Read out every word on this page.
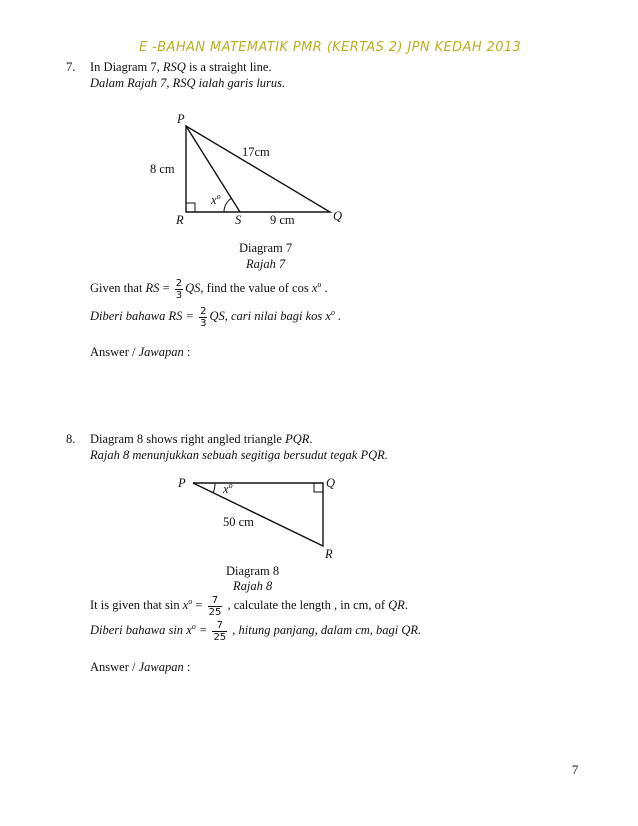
E -BAHAN MATEMATIK PMR (KERTAS 2) JPN KEDAH 2013
7. In Diagram 7, RSQ is a straight line.
Dalam Rajah 7, RSQ ialah garis lurus.
P
8 cm
17cm
$x^o$
R	S 9 cm	Q
Diagram 7
Rajah 7
Given that RS = $\frac{2}{3}$ QS, find the value of $\cos x^o$ .
Diberi bahawa RS = $\frac{2}{3}$ QS, cari nilai bagi kos $x^o$ .
Answer / Jawapan :
8. Diagram 8 shows right angled triangle PQR.
Rajah 8 menunjukkan sebuah segitiga bersudut tegak PQR.
P	$x^o$	Q
50 cm
R
Diagram 8
Rajah 8
It is given that $\sin x^o = \frac{7}{25}$ , calculate the length , in cm, of QR.
Diberi bahawa $\sin x^o = \frac{7}{25}$ , hitung panjang, dalam cm, bagi QR.
Answer / Jawapan :
7
